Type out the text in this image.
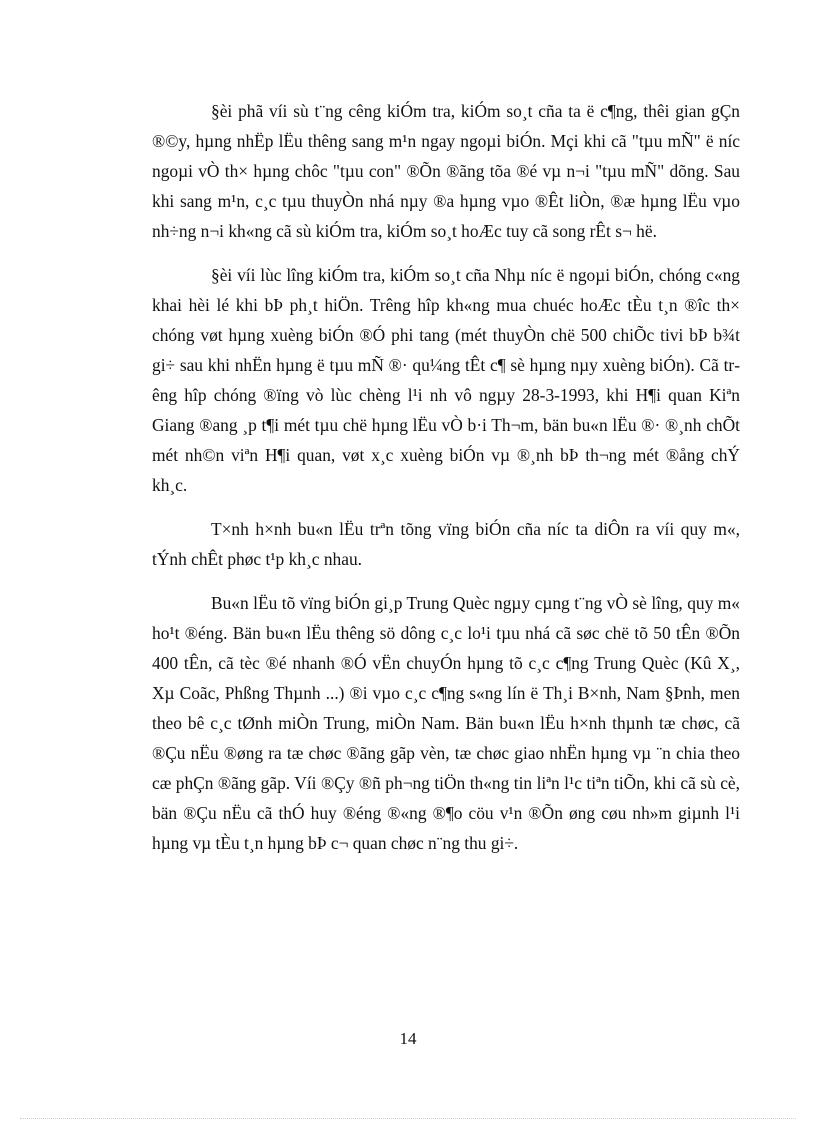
§èi phã víi sù t¨ng cêng kiÓm tra, kiÓm so¸t cña ta ë c¶ng, thêi gian gÇn ®©y, hµng nhËp lËu thêng sang m¹n ngay ngoµi biÓn. Mçi khi cã "tµu mÑ" ë níc ngoµi vÒ th× hµng chôc "tµu con" ®Õn ®ãng tõa ®é vµ n¬i "tµu mÑ" dõng. Sau khi sang m¹n, c¸c tµu thuyÒn nhá nµy ®a hµng vµo ®Êt liÒn, ®æ hµng lËu vµo nh÷ng n¬i kh«ng cã sù kiÓm tra, kiÓm so¸t hoÆc tuy cã song rÊt s¬ hë.

§èi víi lùc lîng kiÓm tra, kiÓm so¸t cña Nhµ níc ë ngoµi biÓn, chóng c«ng khai hèi lé khi bÞ ph¸t hiÖn. Trêng hîp kh«ng mua chuéc hoÆc tÈu t¸n ®îc th× chóng vøt hµng xuèng biÓn ®Ó phi tang (mét thuyÒn chë 500 chiÕc tivi bÞ b¾t gi÷ sau khi nhËn hµng ë tµu mÑ ®· qu¼ng tÊt c¶ sè hµng nµy xuèng biÓn). Cã trêng hîp chóng ®ïng vò lùc chèng l¹i nh vô ngµy 28-3-1993, khi H¶i quan Kiªn Giang ®ang ¸p t¶i mét tµu chë hµng lËu vÒ b·i Th¬m, bän bu«n lËu ®· ®¸nh chÕt mét nh©n viªn H¶i quan, vøt x¸c xuèng biÓn vµ ®¸nh bÞ th¬ng mét ®ång chÝ kh¸c.

T×nh h×nh bu«n lËu trªn tõng vïng biÓn cña níc ta diÔn ra víi quy m«, tÝnh chÊt phøc t¹p kh¸c nhau.

Bu«n lËu tõ vïng biÓn gi¸p Trung Quèc ngµy cµng t¨ng vÒ sè lîng, quy m« ho¹t ®éng. Bän bu«n lËu thêng sö dông c¸c lo¹i tµu nhá cã søc chë tõ 50 tÊn ®Õn 400 tÊn, cã tèc ®é nhanh ®Ó vËn chuyÓn hµng tõ c¸c c¶ng Trung Quèc (Kû X¸, Xµ Coãc, Phßng Thµnh ...) ®i vµo c¸c c¶ng s«ng lín ë Th¸i B×nh, Nam §Þnh, men theo bê c¸c tØnh miÒn Trung, miÒn Nam. Bän bu«n lËu h×nh thµnh tæ chøc, cã ®Çu nËu ®øng ra tæ chøc ®ãng gãp vèn, tæ chøc giao nhËn hµng vµ ¨n chia theo cæ phÇn ®ãng gãp. Víi ®Çy ®ñ ph¬ng tiÖn th«ng tin liªn l¹c tiªn tiÕn, khi cã sù cè, bän ®Çu nËu cã thÓ huy ®éng ®«ng ®¶o cöu v¹n ®Õn øng cøu nh»m giµnh l¹i hµng vµ tÈu t¸n hµng bÞ c¬ quan chøc n¨ng thu gi÷.

14
